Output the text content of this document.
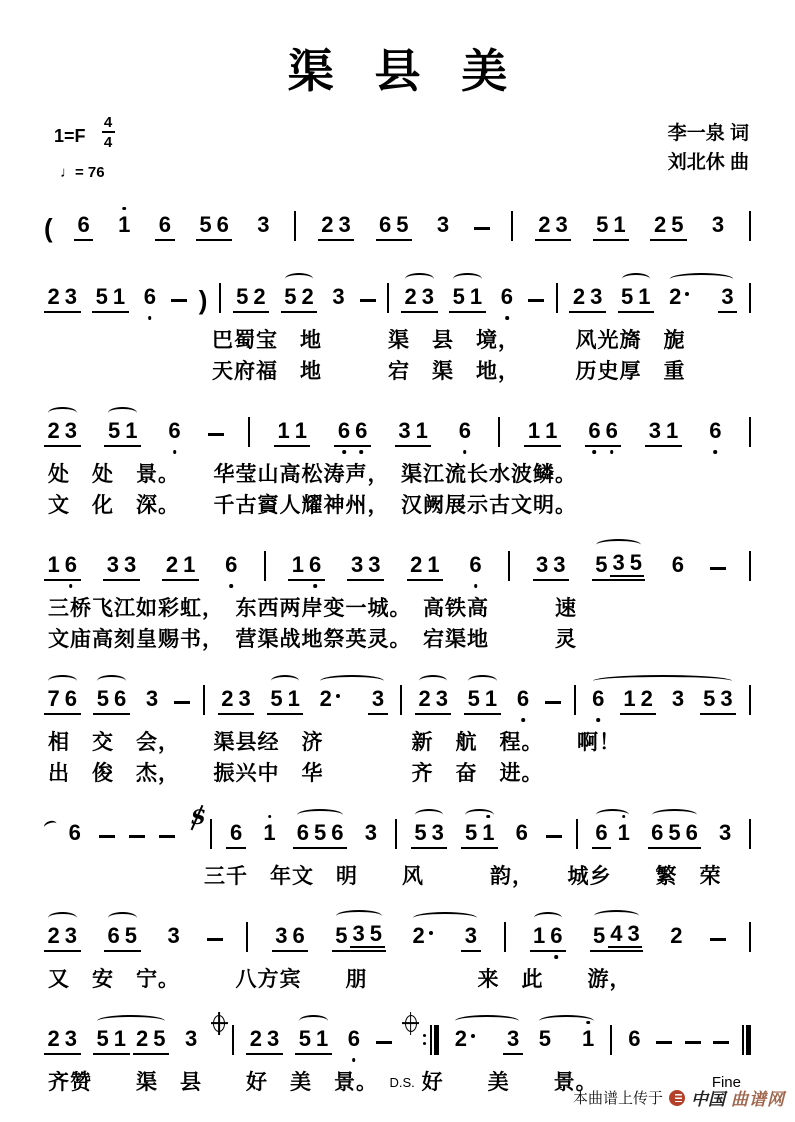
渠 县 美
$1=F \frac{4}{4}$
♩= 76
李一泉 词
刘北休 曲
( 6 1 6 5 6 3 2 3 6 5 3	2 3 5 1 2 5 3
2 3 5 1 6 ) 5 2 5 2 3	2 3 5 1 6	2 3 5 1 2	3
巴蜀宝　地　　　渠　县　境，　　　风光旖　旎
天府福　地　　　宕　渠　地，　　　历史厚　重
2 3 5 1 6	1 1 6 6 3 1 6	1 1 6 6 3 1 6
处　处　景。　　华莹山高松涛声，　渠江流长水波鳞。
文　化　深。　　千古賨人耀神州，　汉阙展示古文明。
1 6 3 3 2 1 6 1 6 3 3 2 1 6 3 3 5 3 5 6
三桥飞江如彩虹，　东西两岸变一城。　高铁高　　　速
文庙高刻皇赐书，　营渠战地祭英灵。　宕渠地　　　灵
7 6 5 6 3	2 3 5 1 2	3 2 3 5 1 6	6 1 2 3 5 3
相　交　会，　　渠县经　济　　　　新　航　程。　　啊！
出　俊　杰，　　振兴中　华　　　　齐　奋　进。
6
S	6 1 6 5 6 3 5 3 5 1 6	6 1 6 5 6 3
三千　年文　明　　风　　　韵，　　城乡　　繁　荣
2 3 6 5 3	3 6 5 3 5 2	3	1 6 5 4 3 2
又　安　宁。　　　八方宾　　朋　　　　　来　此　　游，
2 3 5 1 2 5 3 2 3 5 1 6	2	3 5 1 6
齐赞　　渠　县　　好　美　景。　 D.S. 好　　美　　景。	Fine
本曲谱上传于 中国 曲谱网
